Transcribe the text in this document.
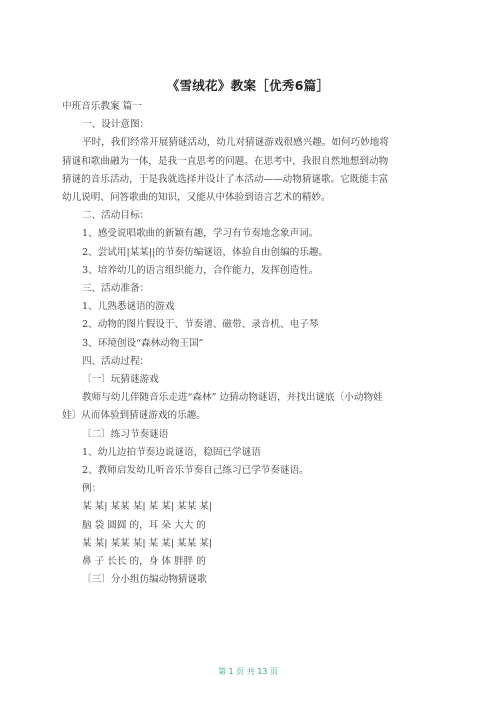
《雪绒花》教案［优秀6篇］
中班音乐教案 篇一
一、设计意图：
平时，我们经常开展猜谜活动，幼儿对猜谜游戏很感兴趣。如何巧妙地将
猜谜和歌曲融为一体，是我一直思考的问题。在思考中，我很自然地想到动物
猜谜的音乐活动，于是我就选择并设计了本活动——动物猜谜歌。它既能丰富
幼儿说明、问答歌曲的知识，又能从中体验到语言艺术的精妙。
二、活动目标：
1、感受说唱歌曲的新颖有趣，学习有节奏地念象声词。
2、尝试用|某某||的节奏仿编谜语，体验自由创编的乐趣。
3、培养幼儿的语言组织能力，合作能力，发挥创造性。
三、活动准备：
1、儿熟悉谜语的游戏
2、动物的图片假设干、节奏谱、磁带、录音机、电子琴
3、环境创设“森林动物王国”
四、活动过程：
〔一〕玩猜谜游戏
教师与幼儿伴随音乐走进“森林” 边猜动物谜语，并找出谜底〔小动物娃
娃〕从而体验到猜谜游戏的乐趣。
〔二〕练习节奏谜语
1、幼儿边拍节奏边说谜语，稳固已学谜语
2、教师启发幼儿听音乐节奏自己练习已学节奏谜语。
例：
某 某| 某某 某| 某 某| 某某 某|
脑 袋 圆圆 的，耳 朵 大大 的
某 某| 某某 某| 某 某| 某某 某|
鼻 子 长长 的，身 体 胖胖 的
〔三〕分小组仿编动物猜谜歌
第 1 页 共 13 页
